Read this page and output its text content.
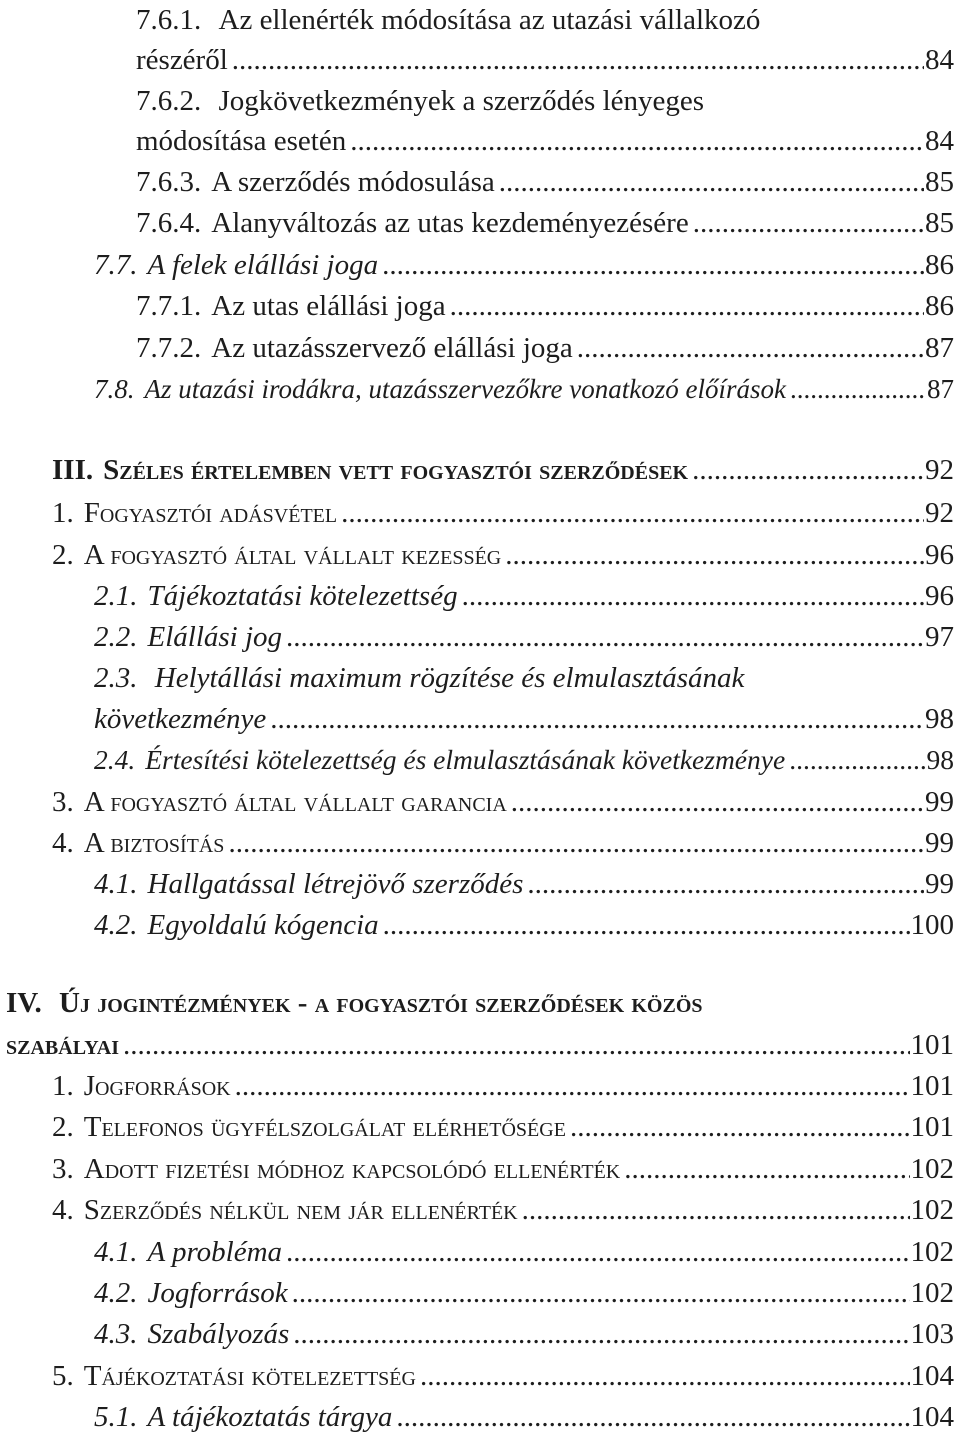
7.6.1. Az ellenérték módosítása az utazási vállalkozó
részéről .....	84
7.6.2. Jogkövetkezmények a szerződés lényeges
módosítása esetén .....	84
7.6.3. A szerződés módosulása .....	85
7.6.4. Alanyváltozás az utas kezdeményezésére .....	85
7.7. A felek elállási joga .....	86
7.7.1. Az utas elállási joga .....	86
7.7.2. Az utazásszervező elállási joga .....	87
7.8. Az utazási irodákra, utazásszervezőkre vonatkozó előírások .....	87
III. Széles értelemben vett fogyasztói szerződések .....	92
1. Fogyasztói adásvétel .....	92
2. A fogyasztó által vállalt kezesség .....	96
2.1. Tájékoztatási kötelezettség .....	96
2.2. Elállási jog .....	97
2.3. Helytállási maximum rögzítése és elmulasztásának
következménye .....	98
2.4. Értesítési kötelezettség és elmulasztásának következménye .....	98
3. A fogyasztó által vállalt garancia .....	99
4. A biztosítás .....	99
4.1. Hallgatással létrejövő szerződés .....	99
4.2. Egyoldalú kógencia .....	100
IV. Új jogintézmények - a fogyasztói szerződések közös
szabályai .....	101
1. Jogforrások .....	101
2. Telefonos ügyfélszolgálat elérhetősége .....	101
3. Adott fizetési módhoz kapcsolódó ellenérték .....	102
4. Szerződés nélkül nem jár ellenérték .....	102
4.1. A probléma .....	102
4.2. Jogforrások .....	102
4.3. Szabályozás .....	103
5. Tájékoztatási kötelezettség .....	104
5.1. A tájékoztatás tárgya .....	104
